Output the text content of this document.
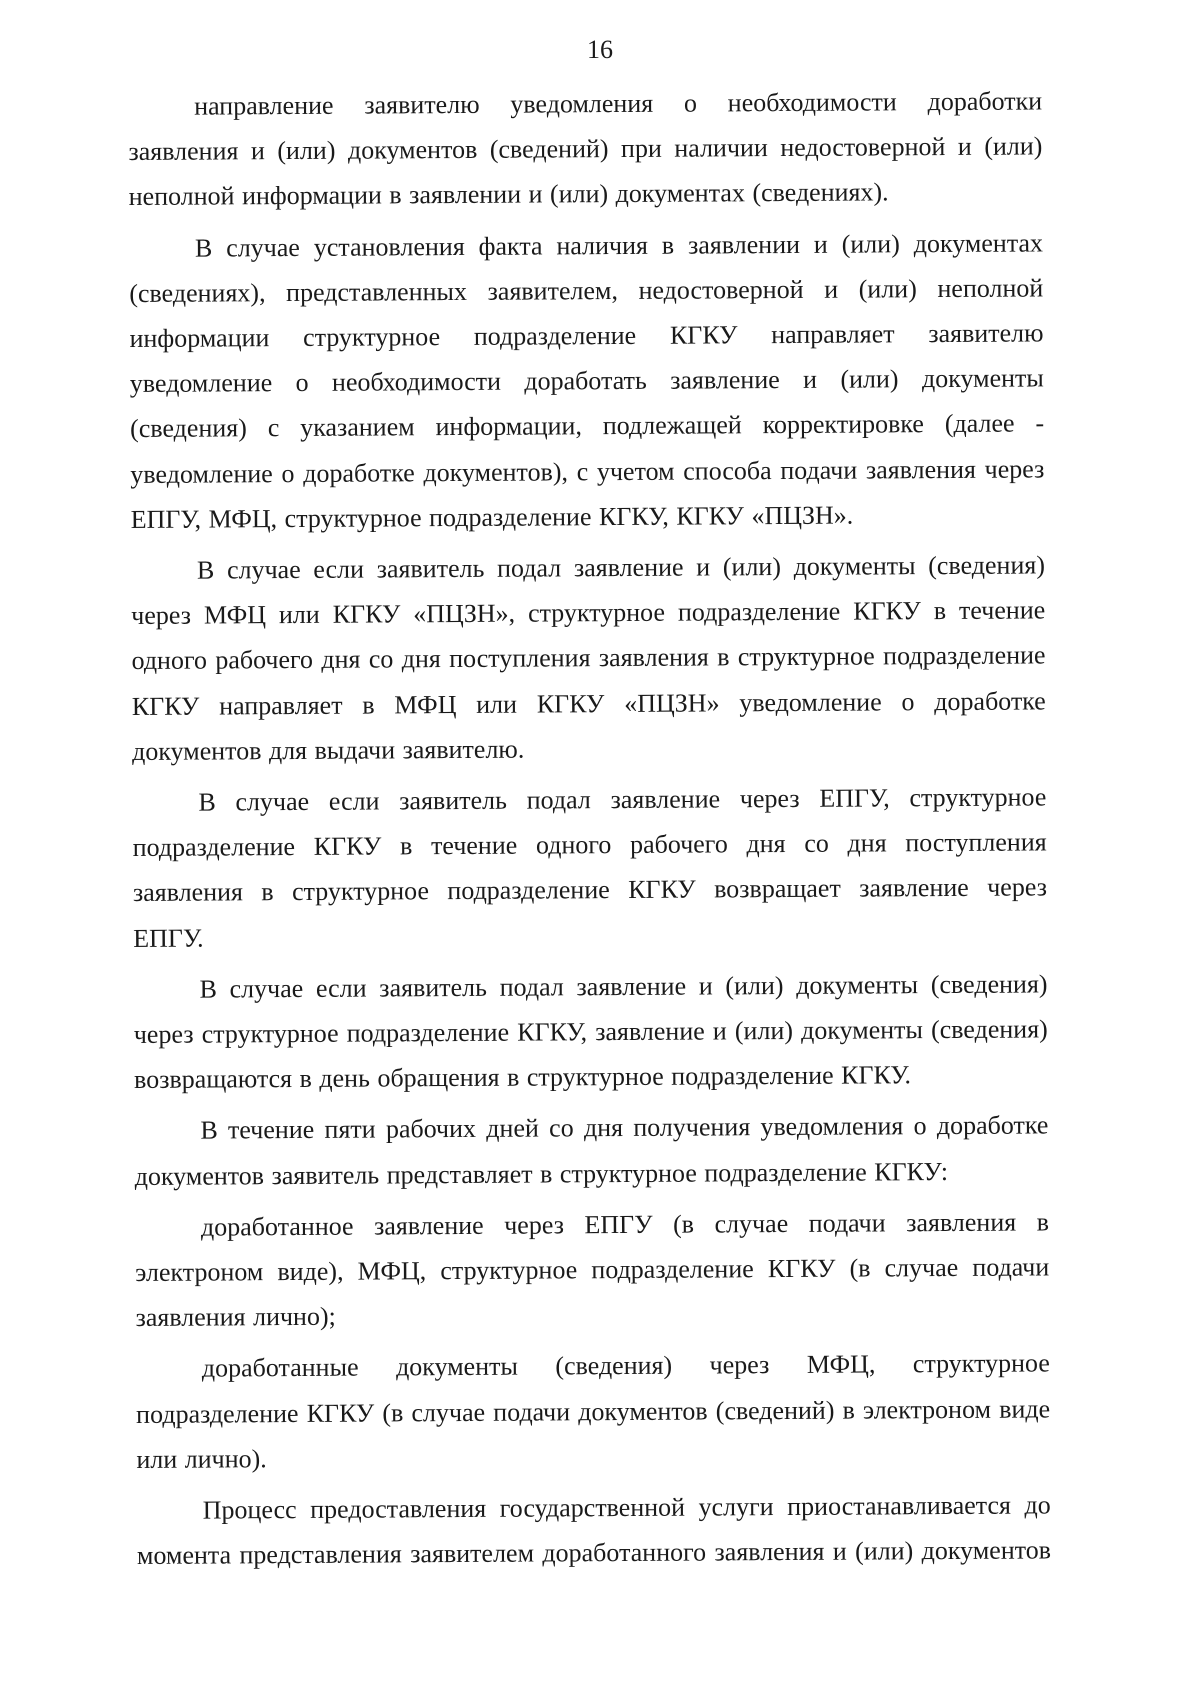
16

направление заявителю уведомления о необходимости доработки заявления и (или) документов (сведений) при наличии недостоверной и (или) неполной информации в заявлении и (или) документах (сведениях).

В случае установления факта наличия в заявлении и (или) документах (сведениях), представленных заявителем, недостоверной и (или) неполной информации структурное подразделение КГКУ направляет заявителю уведомление о необходимости доработать заявление и (или) документы (сведения) с указанием информации, подлежащей корректировке (далее - уведомление о доработке документов), с учетом способа подачи заявления через ЕПГУ, МФЦ, структурное подразделение КГКУ, КГКУ «ПЦЗН».

В случае если заявитель подал заявление и (или) документы (сведения) через МФЦ или КГКУ «ПЦЗН», структурное подразделение КГКУ в течение одного рабочего дня со дня поступления заявления в структурное подразделение КГКУ направляет в МФЦ или КГКУ «ПЦЗН» уведомление о доработке документов для выдачи заявителю.

В случае если заявитель подал заявление через ЕПГУ, структурное подразделение КГКУ в течение одного рабочего дня со дня поступления заявления в структурное подразделение КГКУ возвращает заявление через ЕПГУ.

В случае если заявитель подал заявление и (или) документы (сведения) через структурное подразделение КГКУ, заявление и (или) документы (сведения) возвращаются в день обращения в структурное подразделение КГКУ.

В течение пяти рабочих дней со дня получения уведомления о доработке документов заявитель представляет в структурное подразделение КГКУ:

доработанное заявление через ЕПГУ (в случае подачи заявления в электроном виде), МФЦ, структурное подразделение КГКУ (в случае подачи заявления лично);

доработанные документы (сведения) через МФЦ, структурное подразделение КГКУ (в случае подачи документов (сведений) в электроном виде или лично).

Процесс предоставления государственной услуги приостанавливается до момента представления заявителем доработанного заявления и (или) документов
